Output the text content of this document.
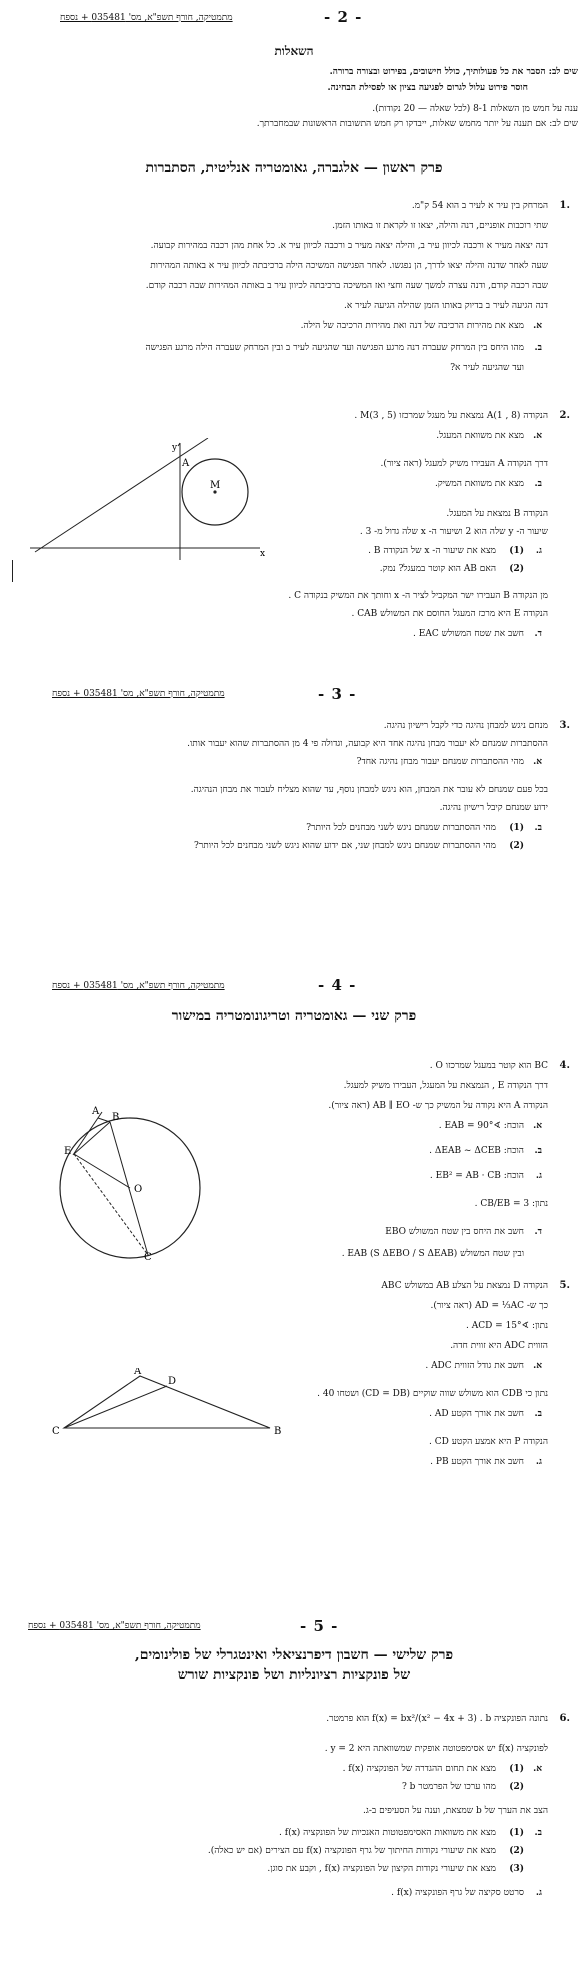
מתמטיקה, חורף תשפ"א, מס' 035481 + נספח	- 2 -
השאלות
שים לב: הסבר את כל פעולותיך, כולל חישובים, בפירוט ובצורה ברורה.
חוסר פירוט עלול לגרום לפגיעה בציון או לפסילת הבחינה.
ענה על חמש מן השאלות 8-1 (לכל שאלה — 20 נקודות).
שים לב: אם תענה על יותר מחמש שאלות, ייבדקו רק חמש התשובות הראשונות שבמחברתך.
פרק ראשון — אלגברה, גאומטריה אנליטית, הסתברות
1.
המרחק בין עיר א לעיר ב הוא 54 ק"מ.
שתי רוכבות אופניים, דנה והילה, יצאו זו לקראת זו באותו הזמן.
דנה יצאה מעיר א ורכבה לכיוון עיר ב, והילה יצאה מעיר ב ורכבה לכיוון עיר א. כל אחת מהן רכבה במהירות קבועה.
שעה לאחר שדנה והילה יצאו לדרך, הן נפגשו. לאחר הפגישה המשיכה הילה ברכיבתה לכיוון עיר א באותה המהירות
שבה רכבה קודם, ודנה עצרה למשך שעה וחצי ואז המשיכה ברכיבתה לכיוון עיר ב באותה המהירות שבה רכבה קודם.
דנה הגיעה לעיר ב בדיוק באותו הזמן שהילה הגיעה לעיר א.
א.
מצא את מהירות הרכיבה של דנה ואת מהירות הרכיבה של הילה.
ב.
מהו היחס בין המרחק שעברה דנה מרגע הפגישה ועד שהגיעה לעיר ב ובין המרחק שעברה הילה מרגע הפגישה
ועד שהגיעה לעיר א?
2.
הנקודה A(1 , 8) נמצאת על מעגל שמרכזו M(3 , 5) .
א.
מצא את משוואת המעגל.
דרך הנקודה A העבירו משיק למעגל (ראה ציור).
ב.
מצא את משוואת המשיק.
הנקודה B נמצאת על המעגל.
שיעור ה- y שלה הוא 2 ושיעור ה- x שלה גדול מ- 3 .
ג.
(1)
מצא את שיעור ה- x של הנקודה B .
(2)
האם AB הוא קוטר במעגל? נמק.
מן הנקודה B העבירו ישר המקביל לציר ה- x וחותך את המשיק בנקודה C .
הנקודה E היא מרכז המעגל החוסם את המשולש CAB .
ד.
חשב את שטח המשולש EAC .
y
x
A
M
מתמטיקה, חורף תשפ"א, מס' 035481 + נספח	- 3 -
3.
מנחם ניגש למבחן נהיגה כדי לקבל רישיון נהיגה.
ההסתברות שמנחם לא יעבור מבחן נהיגה אחד היא קבועה, וגדולה פי 4 מן ההסתברות שהוא יעבור אותו.
א.
מהי ההסתברות שמנחם יעבור מבחן נהיגה אחד?
בכל פעם שמנחם לא עובר את המבחן, הוא ניגש למבחן נוסף, עד שהוא מצליח לעבור את מבחן הנהיגה.
ידוע שמנחם קיבל רישיון נהיגה.
ב.
(1)
מהי ההסתברות שמנחם ניגש לשני מבחנים לכל היותר?
(2)
מהי ההסתברות שמנחם ניגש למבחן שני, אם ידוע שהוא ניגש לשני מבחנים לכל היותר?
מתמטיקה, חורף תשפ"א, מס' 035481 + נספח	- 4 -
פרק שני — גאומטריה וטריגונומטריה במישור
4.
BC הוא קוטר במעגל שמרכזו O .
דרך הנקודה E , הנמצאת על המעגל, העבירו משיק למעגל.
הנקודה A היא נקודה על המשיק כך ש- AB ∥ EO (ראה ציור).
א.
הוכח: ∢EAB = 90° .
ב.
הוכח: ΔEAB ~ ΔCEB .
ג.
הוכח: EB² = AB · CB .
נתון: CB/EB = 3 .
ד.
חשב את היחס בין שטח המשולש EBO
ובין שטח המשולש EAB (S ΔEBO / S ΔEAB) .
A
B
E
O
C
5.
הנקודה D נמצאת על הצלע AB במשולש ABC
כך ש- AD = ⅓AC (ראה ציור).
נתון: ∢ACD = 15° .
הזווית ADC היא זווית חדה.
א.
חשב את גודל הזווית ADC .
נתון כי CDB הוא משולש שווה שוקיים (CD = DB) ושטחו 40 .
ב.
חשב את אורך הקטע AD .
הנקודה P היא אמצע הקטע CD .
ג.
חשב את אורך הקטע PB .
A
D
C	B
מתמטיקה, חורף תשפ"א, מס' 035481 + נספח	- 5 -
פרק שלישי — חשבון דיפרנציאלי ואינטגרלי של פולינומים,
של פונקציות רציונליות ושל פונקציות שורש
6.
נתונה הפונקציה f(x) = bx²/(x² − 4x + 3) . b הוא פרמטר.
לפונקציה f(x) יש אסימפטוטה אופקית שמשוואתה היא y = 2 .
א.
(1)
מצא את תחום ההגדרה של הפונקציה f(x) .
(2)
מהו ערכו של הפרמטר b ?
הצב את הערך של b שמצאת, וענה על הסעיפים ב-ג.
ב.
(1)
מצא את משוואות האסימפטוטות האנכיות של הפונקציה f(x) .
(2)
מצא את שיעורי נקודות החיתוך של גרף הפונקציה f(x) עם הצירים (אם יש כאלה).
(3)
מצא את שיעורי נקודות הקיצון של הפונקציה f(x) , וקבע את סוגן.
ג.
סרטט סקיצה של גרף הפונקציה f(x) .
